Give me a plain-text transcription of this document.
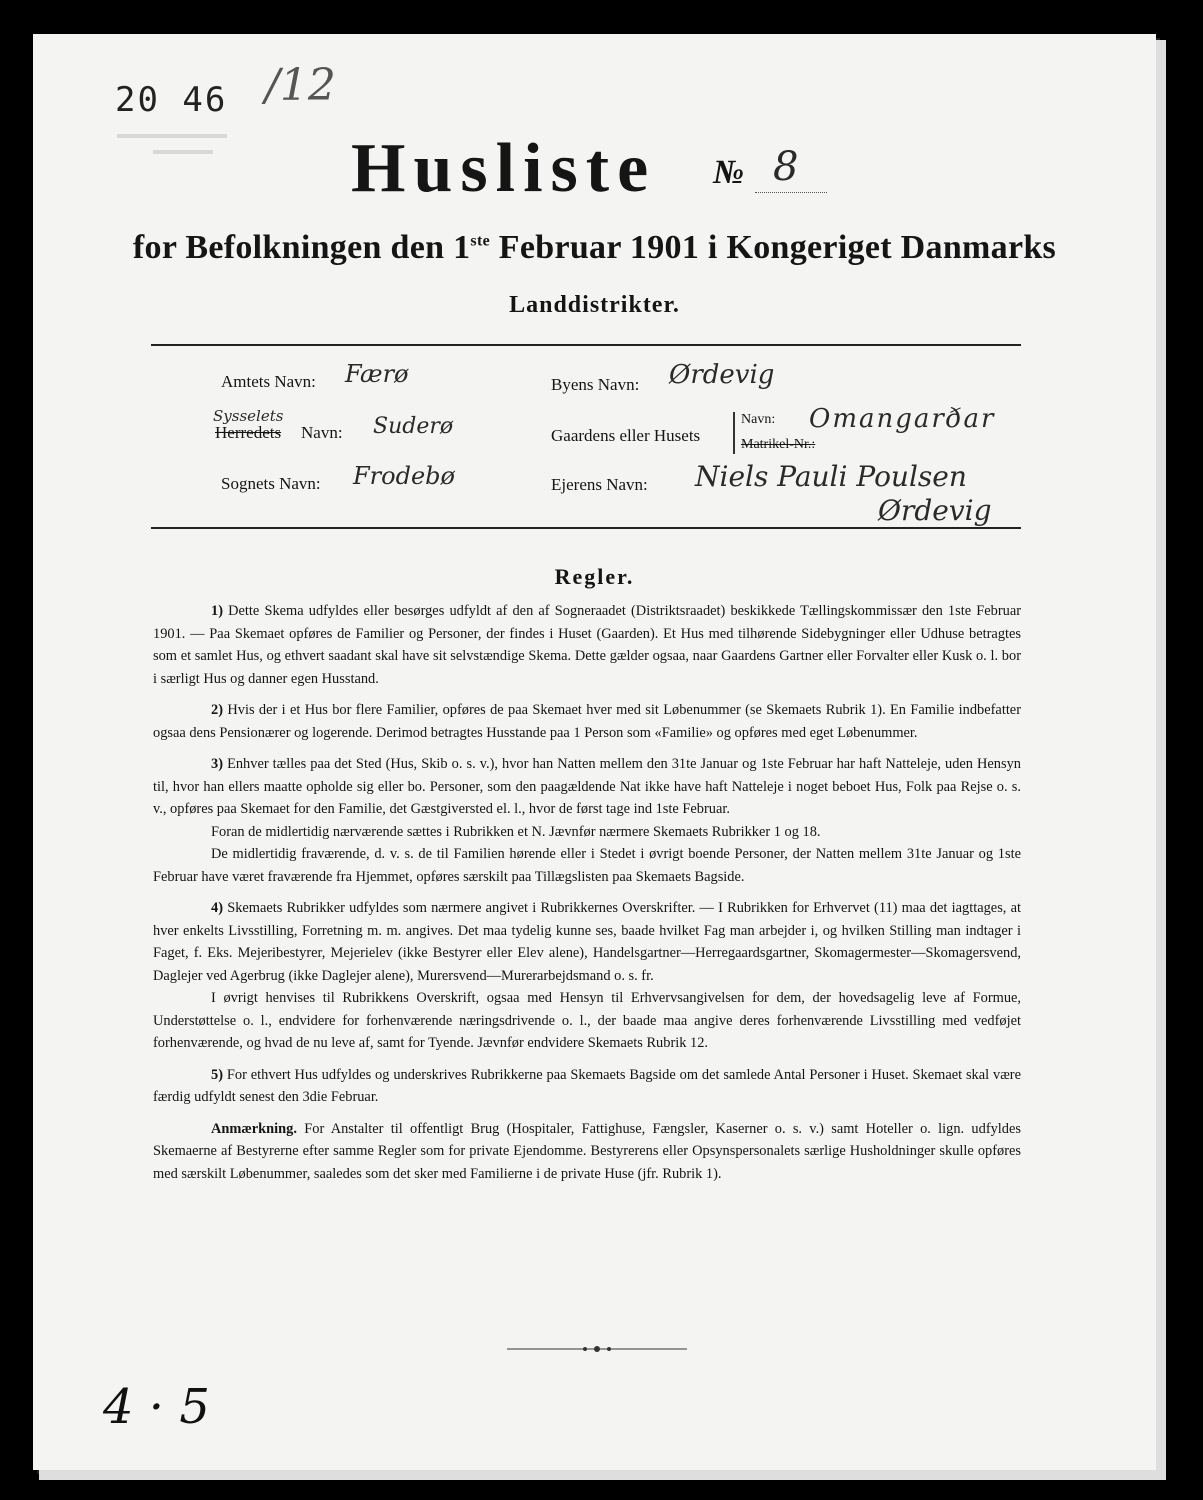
20 46 /12
Husliste № 8
for Befolkningen den 1ste Februar 1901 i Kongeriget Danmarks
Landdistrikter.
Amtets Navn: Færø
Sysselets
Herredets Navn: Suderø
Sognets Navn: Frodebø
Byens Navn: Ørdevig
Gaardens eller Husets
Navn: Omangarðar
Matrikel-Nr.:
Ejerens Navn: Niels Pauli Poulsen
Ørdevig
Regler.

1) Dette Skema udfyldes eller besørges udfyldt af den af Sogneraadet (Distriktsraadet) beskikkede Tællingskommissær den 1ste Februar 1901. — Paa Skemaet opføres de Familier og Personer, der findes i Huset (Gaarden). Et Hus med tilhørende Sidebygninger eller Udhuse betragtes som et samlet Hus, og ethvert saadant skal have sit selvstændige Skema. Dette gælder ogsaa, naar Gaardens Gartner eller Forvalter eller Kusk o. l. bor i særligt Hus og danner egen Husstand.

2) Hvis der i et Hus bor flere Familier, opføres de paa Skemaet hver med sit Løbenummer (se Skemaets Rubrik 1). En Familie indbefatter ogsaa dens Pensionærer og logerende. Derimod betragtes Husstande paa 1 Person som «Familie» og opføres med eget Løbenummer.

3) Enhver tælles paa det Sted (Hus, Skib o. s. v.), hvor han Natten mellem den 31te Januar og 1ste Februar har haft Natteleje, uden Hensyn til, hvor han ellers maatte opholde sig eller bo. Personer, som den paagældende Nat ikke have haft Natteleje i noget beboet Hus, Folk paa Rejse o. s. v., opføres paa Skemaet for den Familie, det Gæstgiversted el. l., hvor de først tage ind 1ste Februar.

Foran de midlertidig nærværende sættes i Rubrikken et N. Jævnfør nærmere Skemaets Rubrikker 1 og 18.

De midlertidig fraværende, d. v. s. de til Familien hørende eller i Stedet i øvrigt boende Personer, der Natten mellem 31te Januar og 1ste Februar have været fraværende fra Hjemmet, opføres særskilt paa Tillægslisten paa Skemaets Bagside.

4) Skemaets Rubrikker udfyldes som nærmere angivet i Rubrikkernes Overskrifter. — I Rubrikken for Erhvervet (11) maa det iagttages, at hver enkelts Livsstilling, Forretning m. m. angives. Det maa tydelig kunne ses, baade hvilket Fag man arbejder i, og hvilken Stilling man indtager i Faget, f. Eks. Mejeribestyrer, Mejerielev (ikke Bestyrer eller Elev alene), Handelsgartner—Herregaardsgartner, Skomagermester—Skomagersvend, Daglejer ved Agerbrug (ikke Daglejer alene), Murersvend—Murerarbejdsmand o. s. fr.

I øvrigt henvises til Rubrikkens Overskrift, ogsaa med Hensyn til Erhvervsangivelsen for dem, der hovedsagelig leve af Formue, Understøttelse o. l., endvidere for forhenværende næringsdrivende o. l., der baade maa angive deres forhenværende Livsstilling med vedføjet forhenværende, og hvad de nu leve af, samt for Tyende. Jævnfør endvidere Skemaets Rubrik 12.

5) For ethvert Hus udfyldes og underskrives Rubrikkerne paa Skemaets Bagside om det samlede Antal Personer i Huset. Skemaet skal være færdig udfyldt senest den 3die Februar.

Anmærkning. For Anstalter til offentligt Brug (Hospitaler, Fattighuse, Fængsler, Kaserner o. s. v.) samt Hoteller o. lign. udfyldes Skemaerne af Bestyrerne efter samme Regler som for private Ejendomme. Bestyrerens eller Opsynspersonalets særlige Husholdninger skulle opføres med særskilt Løbenummer, saaledes som det sker med Familierne i de private Huse (jfr. Rubrik 1).

4 · 5
